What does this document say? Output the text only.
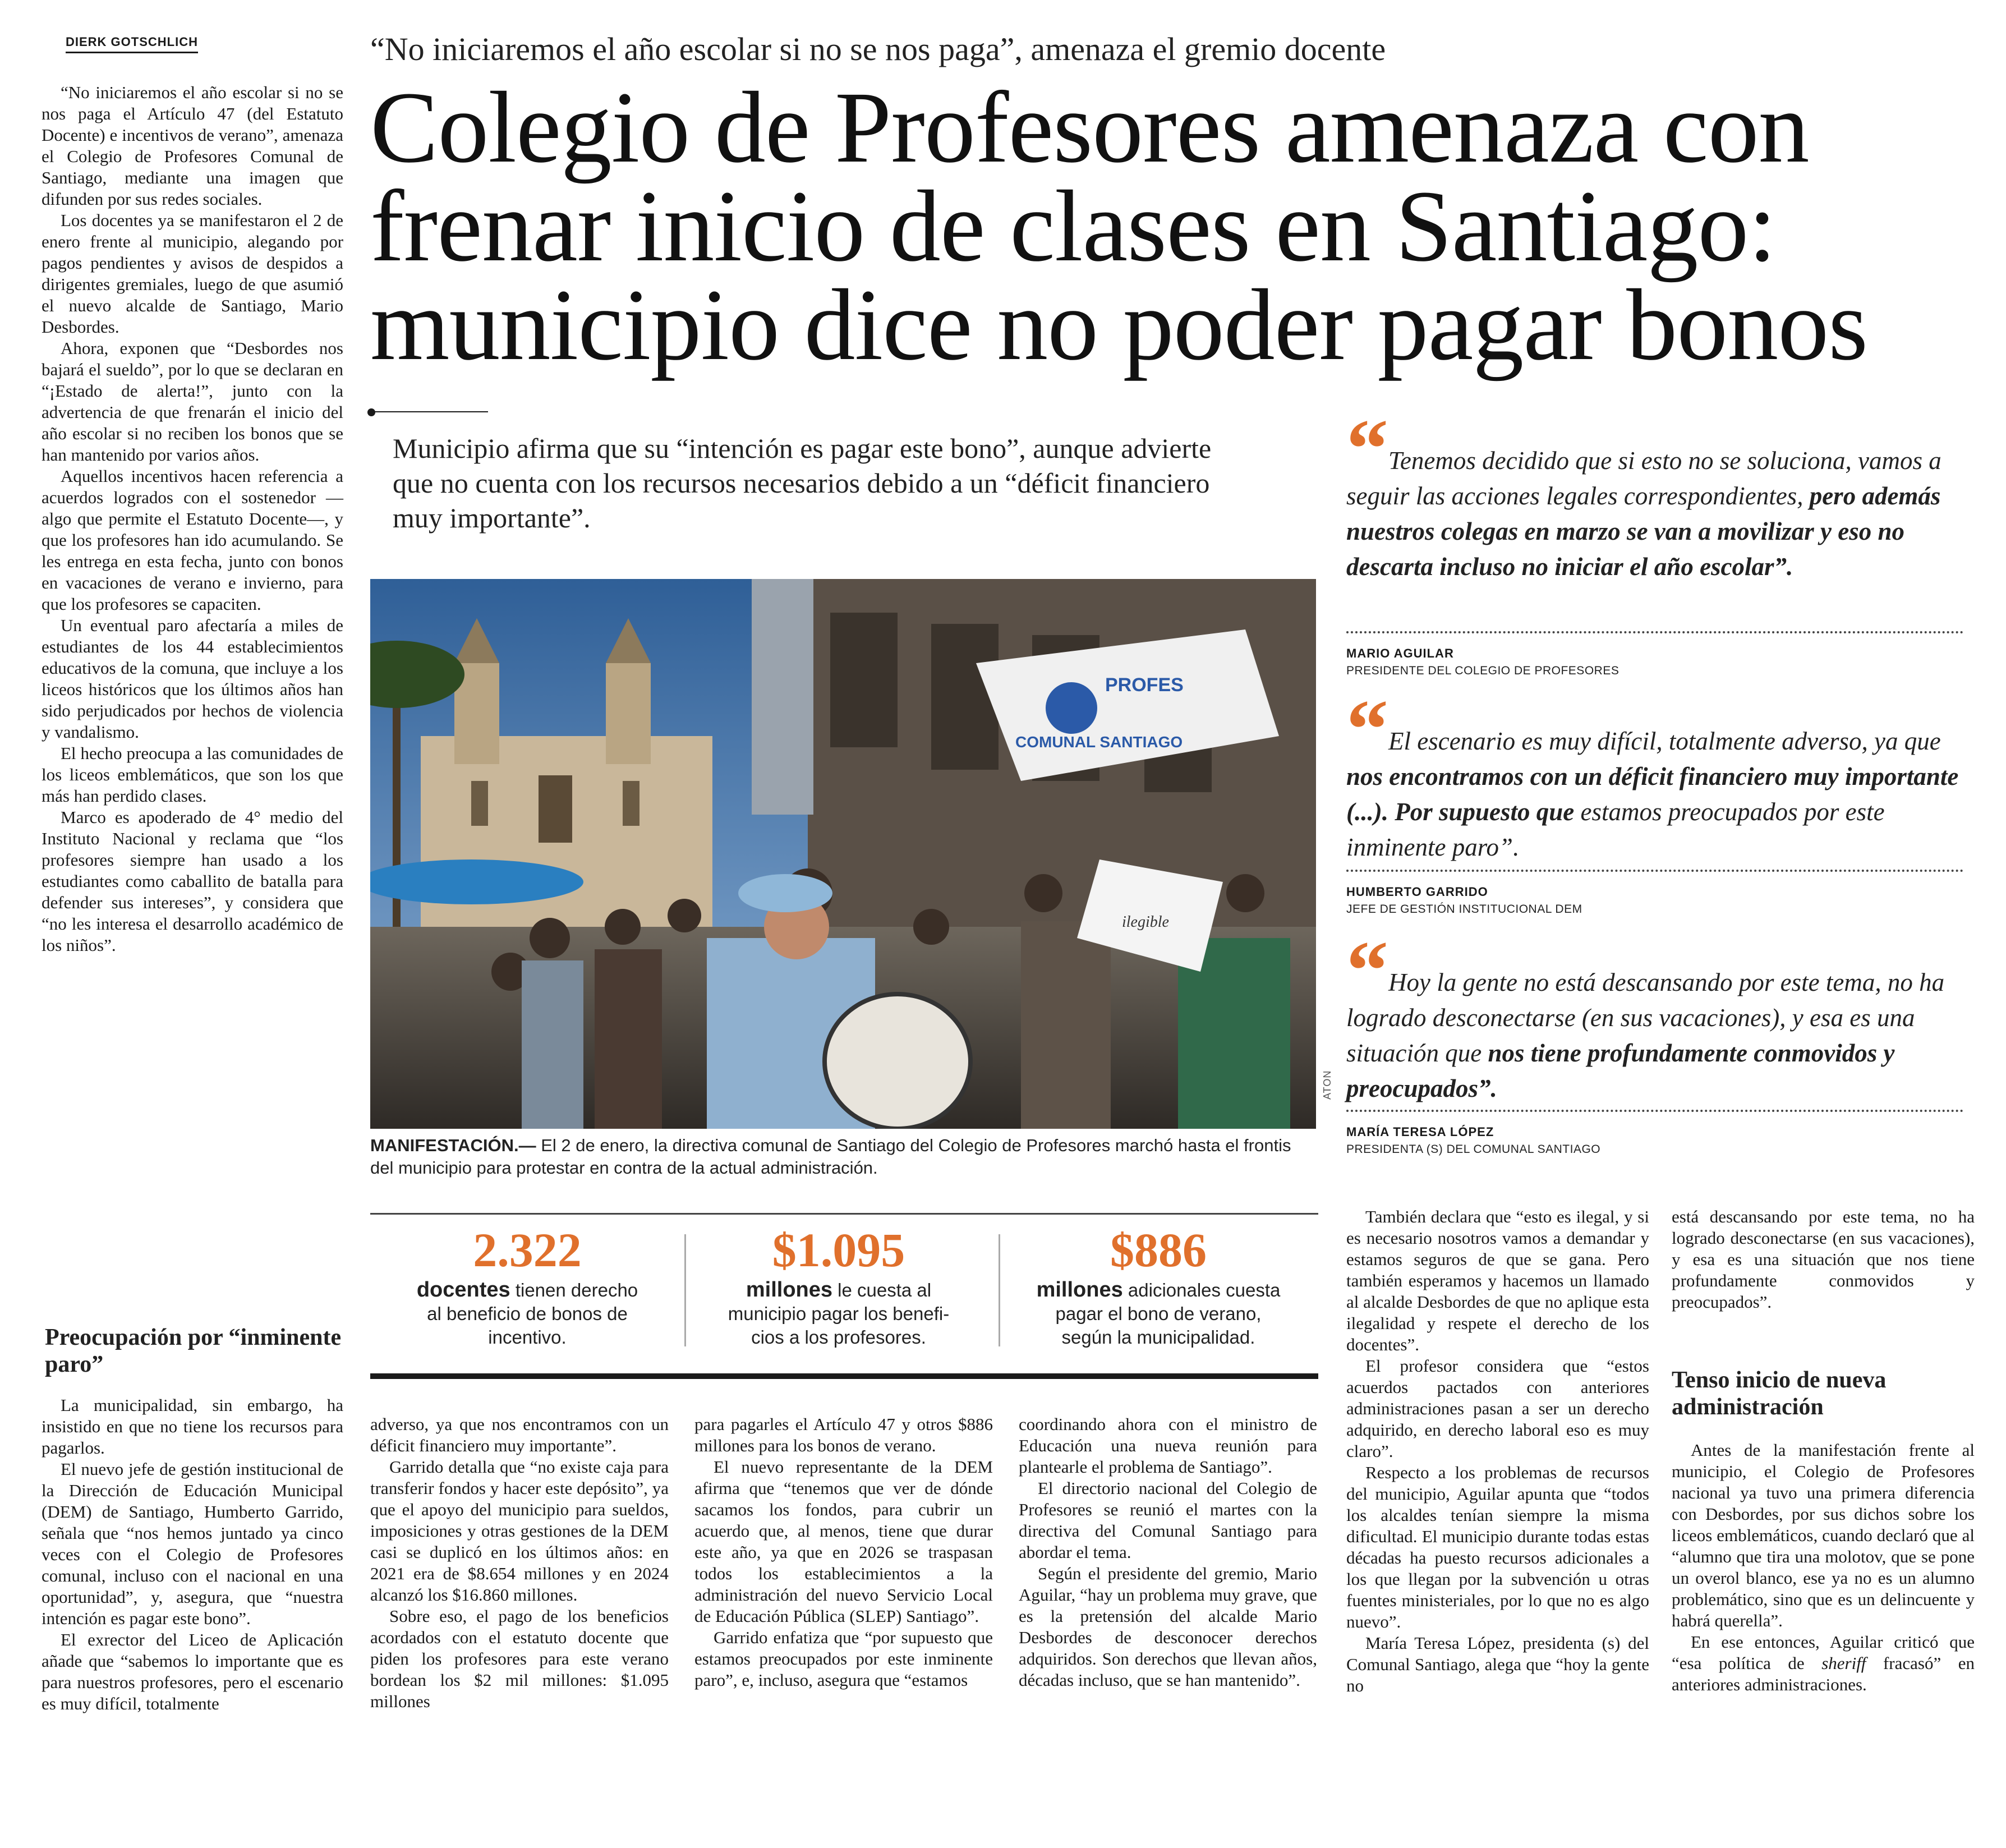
DIERK GOTSCHLICH	“No iniciaremos el año escolar si no se nos paga”, amenaza el gremio docente
Colegio de Profesores amenaza con
frenar inicio de clases en Santiago:
municipio dice no poder pagar bonos
Municipio afirma que su “intención es pagar este bono”, aunque advierte que no cuenta con los recursos necesarios debido a un “déficit financiero muy importante”.

“No iniciaremos el año escolar si no se nos paga el Artículo 47 (del Estatuto Docente) e incentivos de verano”, amenaza el Colegio de Profesores Comunal de Santiago, mediante una imagen que difunden por sus redes sociales.

Los docentes ya se manifestaron el 2 de enero frente al municipio, alegando por pagos pendientes y avisos de despidos a dirigentes gremiales, luego de que asumió el nuevo alcalde de Santiago, Mario Desbordes.

Ahora, exponen que “Desbordes nos bajará el sueldo”, por lo que se declaran en “¡Estado de alerta!”, junto con la advertencia de que frenarán el inicio del año escolar si no reciben los bonos que se han mantenido por varios años.

Aquellos incentivos hacen referencia a acuerdos logrados con el sostenedor —algo que permite el Estatuto Docente—, y que los profesores han ido acumulando. Se les entrega en esta fecha, junto con bonos en vacaciones de verano e invierno, para que los profesores se capaciten.

Un eventual paro afectaría a miles de estudiantes de los 44 establecimientos educativos de la comuna, que incluye a los liceos históricos que los últimos años han sido perjudicados por hechos de violencia y vandalismo.

El hecho preocupa a las comunidades de los liceos emblemáticos, que son los que más han perdido clases.

Marco es apoderado de 4° medio del Instituto Nacional y reclama que “los profesores siempre han usado a los estudiantes como caballito de batalla para defender sus intereses”, y considera que “no les interesa el desarrollo académico de los niños”.

Preocupación por “inminente paro”

La municipalidad, sin embargo, ha insistido en que no tiene los recursos para pagarlos.

El nuevo jefe de gestión institucional de la Dirección de Educación Municipal (DEM) de Santiago, Humberto Garrido, señala que “nos hemos juntado ya cinco veces con el Colegio de Profesores comunal, incluso con el nacional en una oportunidad”, y, asegura, que “nuestra intención es pagar este bono”.

El exrector del Liceo de Aplicación añade que “sabemos lo importante que es para nuestros profesores, pero el escenario es muy difícil, totalmente

PROFES
COMUNAL SANTIAGO
ilegible
ATON
MANIFESTACIÓN.— El 2 de enero, la directiva comunal de Santiago del Colegio de Profesores marchó hasta el frontis del municipio para protestar en contra de la actual administración.
2.322
docentes tienen derecho
al beneficio de bonos de
incentivo.
$1.095
millones le cuesta al
municipio pagar los benefi-
cios a los profesores.
$886
millones adicionales cuesta
pagar el bono de verano,
según la municipalidad.
“ Tenemos decidido que si esto no se soluciona, vamos a seguir las acciones legales correspondientes, pero además nuestros colegas en marzo se van a movilizar y eso no descarta incluso no iniciar el año escolar”.
MARIO AGUILAR
PRESIDENTE DEL COLEGIO DE PROFESORES
“ El escenario es muy difícil, totalmente adverso, ya que nos encontramos con un déficit financiero muy importante (...). Por supuesto que estamos preocupados por este inminente paro”.
HUMBERTO GARRIDO
JEFE DE GESTIÓN INSTITUCIONAL DEM
“ Hoy la gente no está descansando por este tema, no ha logrado desconectarse (en sus vacaciones), y esa es una situación que nos tiene profundamente conmovidos y preocupados”.
MARÍA TERESA LÓPEZ
PRESIDENTA (S) DEL COMUNAL SANTIAGO

adverso, ya que nos encontramos con un déficit financiero muy importante”.

Garrido detalla que “no existe caja para transferir fondos y hacer este depósito”, ya que el apoyo del municipio para sueldos, imposiciones y otras gestiones de la DEM casi se duplicó en los últimos años: en 2021 era de $8.654 millones y en 2024 alcanzó los $16.860 millones.

Sobre eso, el pago de los beneficios acordados con el estatuto docente que piden los profesores para este verano bordean los $2 mil millones: $1.095 millones

para pagarles el Artículo 47 y otros $886 millones para los bonos de verano.

El nuevo representante de la DEM afirma que “tenemos que ver de dónde sacamos los fondos, para cubrir un acuerdo que, al menos, tiene que durar este año, ya que en 2026 se traspasan todos los establecimientos a la administración del nuevo Servicio Local de Educación Pública (SLEP) Santiago”.

Garrido enfatiza que “por supuesto que estamos preocupados por este inminente paro”, e, incluso, asegura que “estamos

coordinando ahora con el ministro de Educación una nueva reunión para plantearle el problema de Santiago”.

El directorio nacional del Colegio de Profesores se reunió el martes con la directiva del Comunal Santiago para abordar el tema.

Según el presidente del gremio, Mario Aguilar, “hay un problema muy grave, que es la pretensión del alcalde Mario Desbordes de desconocer derechos adquiridos. Son derechos que llevan años, décadas incluso, que se han mantenido”.

También declara que “esto es ilegal, y si es necesario nosotros vamos a demandar y estamos seguros de que se gana. Pero también esperamos y hacemos un llamado al alcalde Desbordes de que no aplique esta ilegalidad y respete el derecho de los docentes”.

El profesor considera que “estos acuerdos pactados con anteriores administraciones pasan a ser un derecho adquirido, en derecho laboral eso es muy claro”.

Respecto a los problemas de recursos del municipio, Aguilar apunta que “todos los alcaldes tenían siempre la misma dificultad. El municipio durante todas estas décadas ha puesto recursos adicionales a los que llegan por la subvención u otras fuentes ministeriales, por lo que no es algo nuevo”.

María Teresa López, presidenta (s) del Comunal Santiago, alega que “hoy la gente no

está descansando por este tema, no ha logrado desconectarse (en sus vacaciones), y esa es una situación que nos tiene profundamente conmovidos y preocupados”.

Tenso inicio de nueva administración

Antes de la manifestación frente al municipio, el Colegio de Profesores nacional ya tuvo una primera diferencia con Desbordes, por sus dichos sobre los liceos emblemáticos, cuando declaró que al “alumno que tira una molotov, que se pone un overol blanco, ese ya no es un alumno problemático, sino que es un delincuente y habrá querella”.

En ese entonces, Aguilar criticó que “esa política de sheriff fracasó” en anteriores administraciones.
